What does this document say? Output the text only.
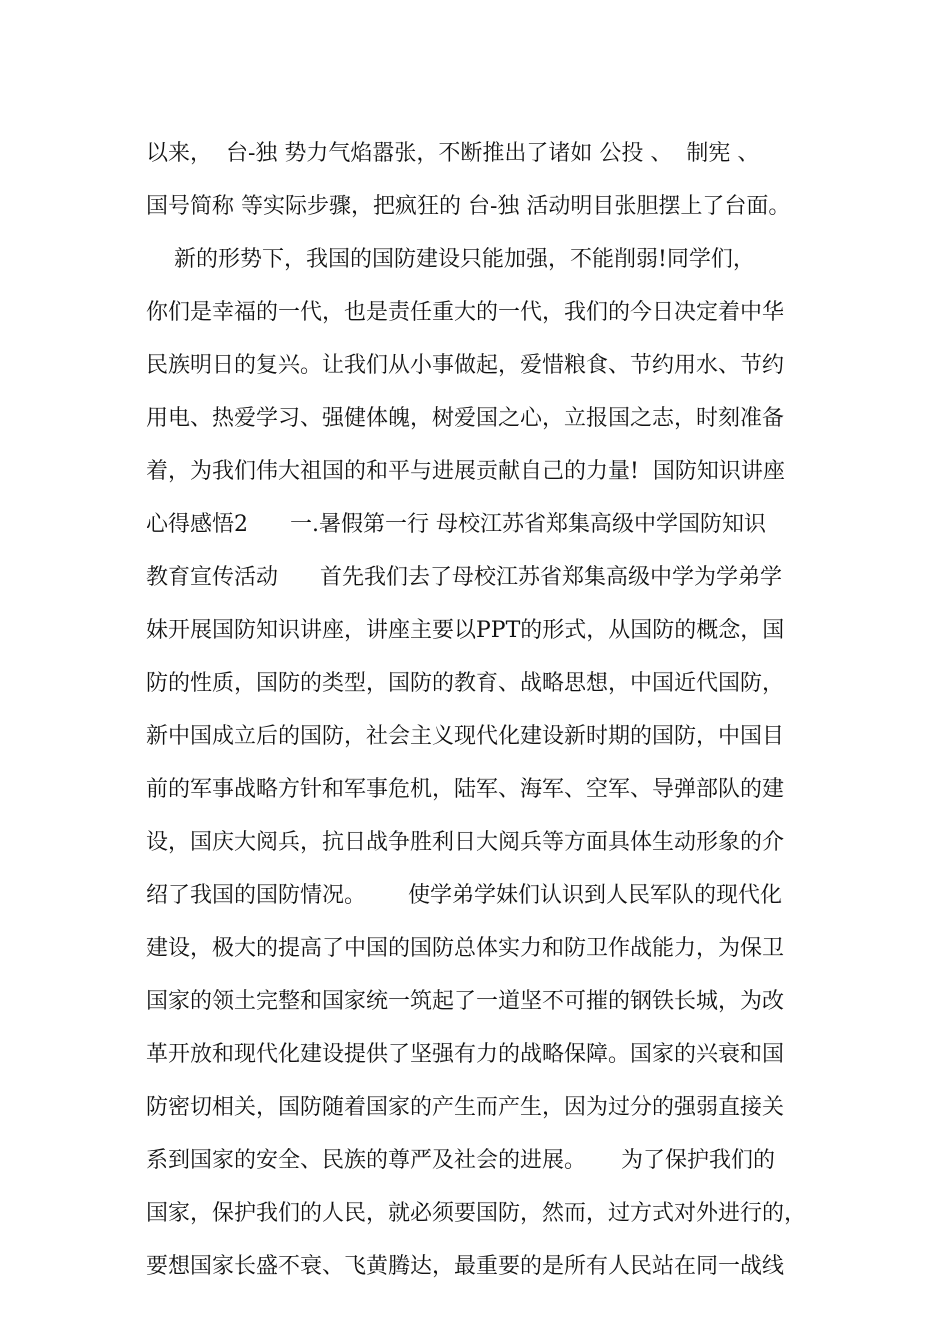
以来，  台-独 势力气焰嚣张，不断推出了诸如 公投 、  制宪 、
国号简称 等实际步骤，把疯狂的 台-独 活动明目张胆摆上了台面。
新的形势下，我国的国防建设只能加强，不能削弱!同学们，
你们是幸福的一代，也是责任重大的一代，我们的今日决定着中华
民族明日的复兴。让我们从小事做起，爱惜粮食、节约用水、节约
用电、热爱学习、强健体魄，树爱国之心，立报国之志，时刻准备
着，为我们伟大祖国的和平与进展贡献自己的力量!  国防知识讲座
心得感悟2      一.暑假第一行 母校江苏省郑集高级中学国防知识
教育宣传活动      首先我们去了母校江苏省郑集高级中学为学弟学
妹开展国防知识讲座，讲座主要以PPT的形式，从国防的概念，国
防的性质，国防的类型，国防的教育、战略思想，中国近代国防，
新中国成立后的国防，社会主义现代化建设新时期的国防，中国目
前的军事战略方针和军事危机，陆军、海军、空军、导弹部队的建
设，国庆大阅兵，抗日战争胜利日大阅兵等方面具体生动形象的介
绍了我国的国防情况。      使学弟学妹们认识到人民军队的现代化
建设，极大的提高了中国的国防总体实力和防卫作战能力，为保卫
国家的领土完整和国家统一筑起了一道坚不可摧的钢铁长城，为改
革开放和现代化建设提供了坚强有力的战略保障。国家的兴衰和国
防密切相关，国防随着国家的产生而产生，因为过分的强弱直接关
系到国家的安全、民族的尊严及社会的进展。     为了保护我们的
国家，保护我们的人民，就必须要国防，然而，过方式对外进行的，
要想国家长盛不衰、飞黄腾达，最重要的是所有人民站在同一战线
